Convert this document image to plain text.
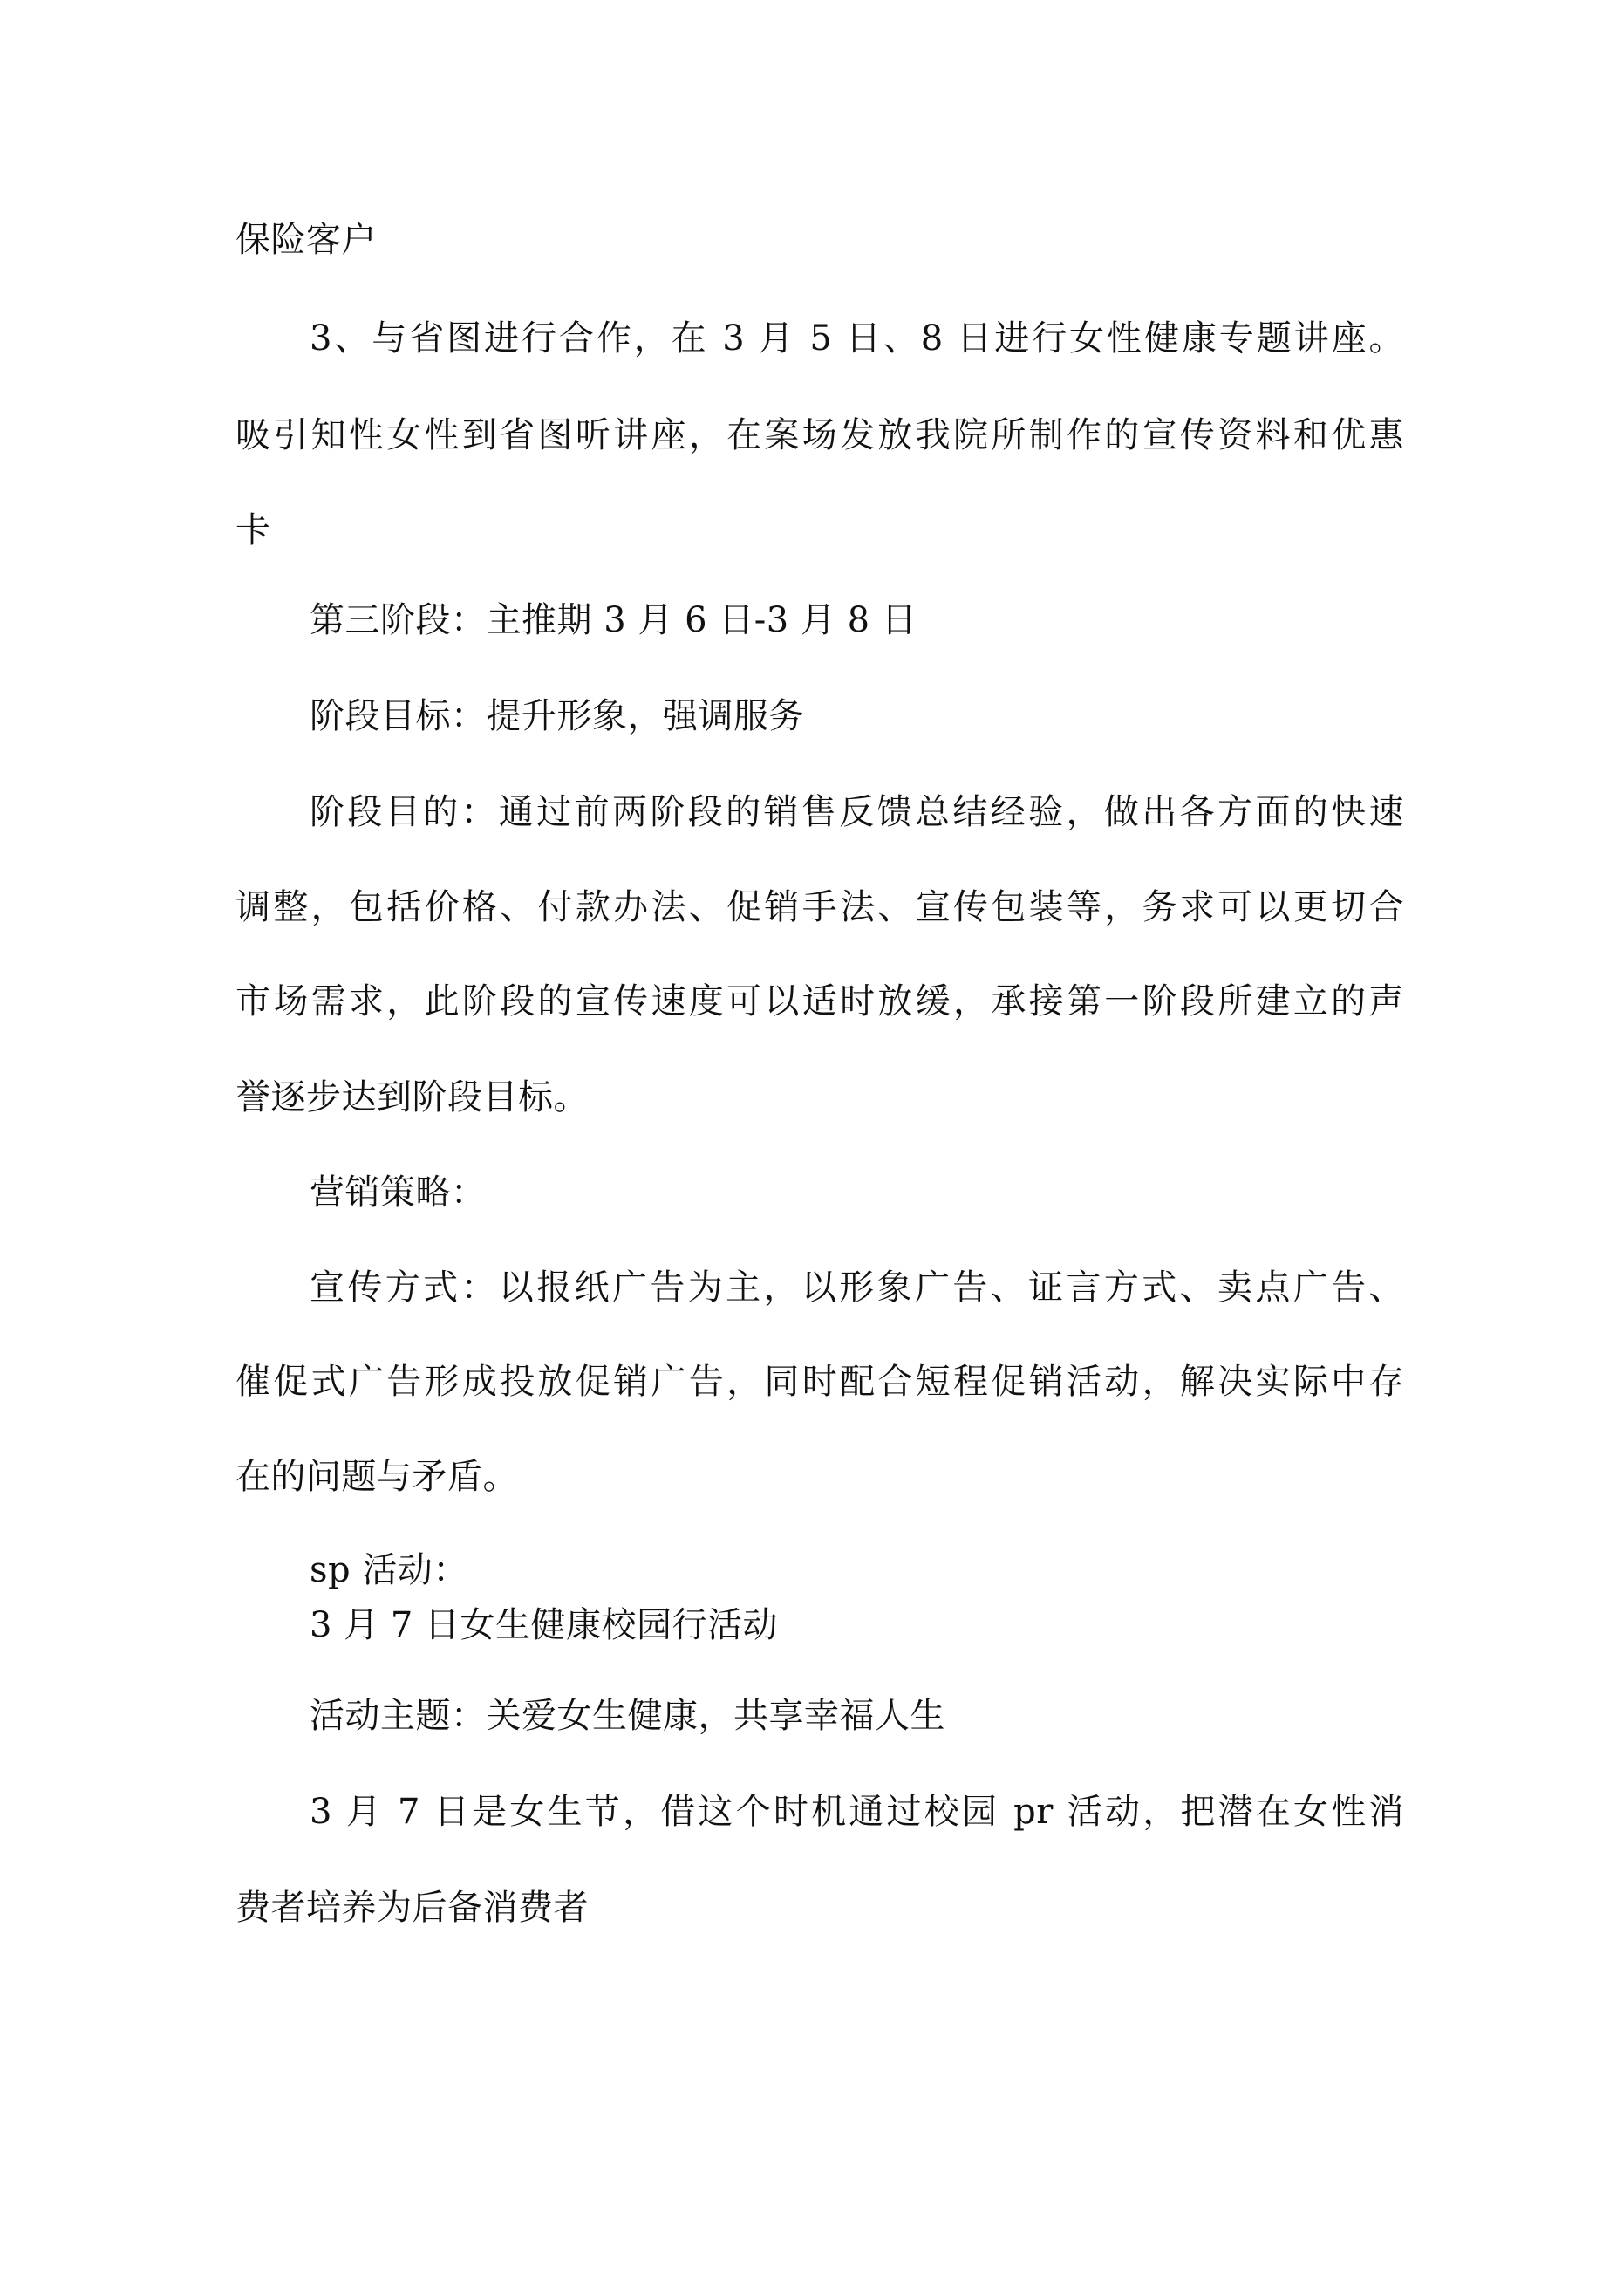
保险客户
3、与省图进行合作，在 3 月 5 日、8 日进行女性健康专题讲座。
吸引知性女性到省图听讲座，在案场发放我院所制作的宣传资料和优惠
卡
第三阶段：主推期 3 月 6 日-3 月 8 日
阶段目标：提升形象，强调服务
阶段目的：通过前两阶段的销售反馈总结经验，做出各方面的快速
调整，包括价格、付款办法、促销手法、宣传包装等，务求可以更切合
市场需求，此阶段的宣传速度可以适时放缓，承接第一阶段所建立的声
誉逐步达到阶段目标。
营销策略：
宣传方式：以报纸广告为主，以形象广告、证言方式、卖点广告、
催促式广告形成投放促销广告，同时配合短程促销活动，解决实际中存
在的问题与矛盾。
sp 活动：
3 月 7 日女生健康校园行活动
活动主题：关爱女生健康，共享幸福人生
3 月 7 日是女生节，借这个时机通过校园 pr 活动，把潜在女性消
费者培养为后备消费者
